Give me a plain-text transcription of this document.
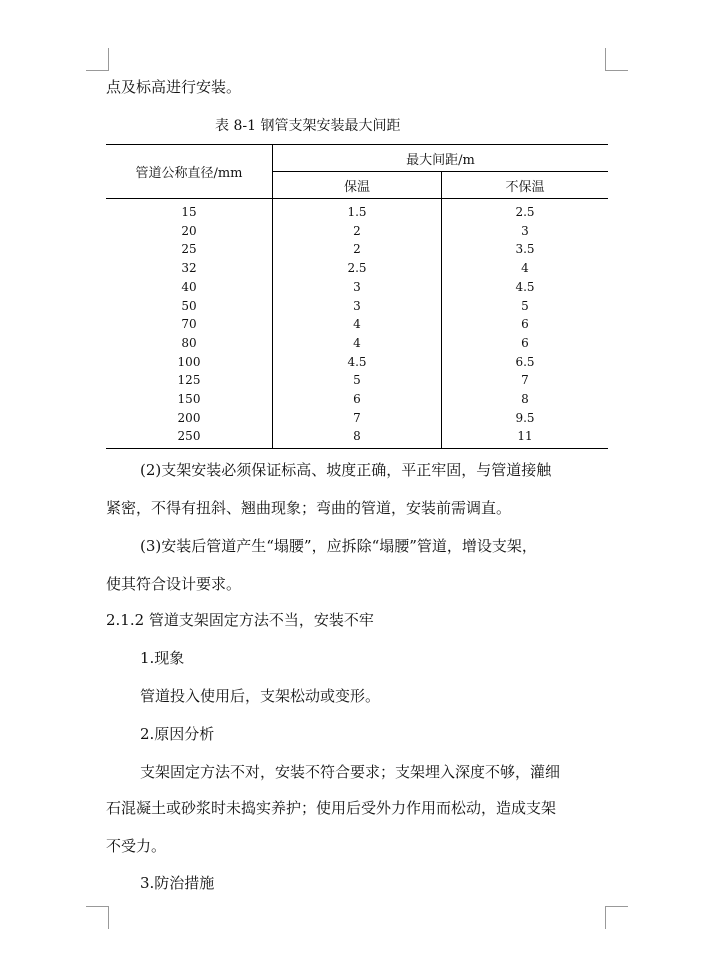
点及标高进行安装。
表 8-1 钢管支架安装最大间距
管道公称直径/mm	最大间距/m	
	保温	不保温
15	1.5	2.5
20	2	3
25	2	3.5
32	2.5	4
40	3	4.5
50	3	5
70	4	6
80	4	6
100	4.5	6.5
125	5	7
150	6	8
200	7	9.5
250	8	11
(2)支架安装必须保证标高、坡度正确，平正牢固，与管道接触
紧密，不得有扭斜、翘曲现象；弯曲的管道，安装前需调直。
(3)安装后管道产生“塌腰”，应拆除“塌腰”管道，增设支架，
使其符合设计要求。
2.1.2 管道支架固定方法不当，安装不牢
1.现象
管道投入使用后，支架松动或变形。
2.原因分析
支架固定方法不对，安装不符合要求；支架埋入深度不够，灌细
石混凝土或砂浆时未捣实养护；使用后受外力作用而松动，造成支架
不受力。
3.防治措施
